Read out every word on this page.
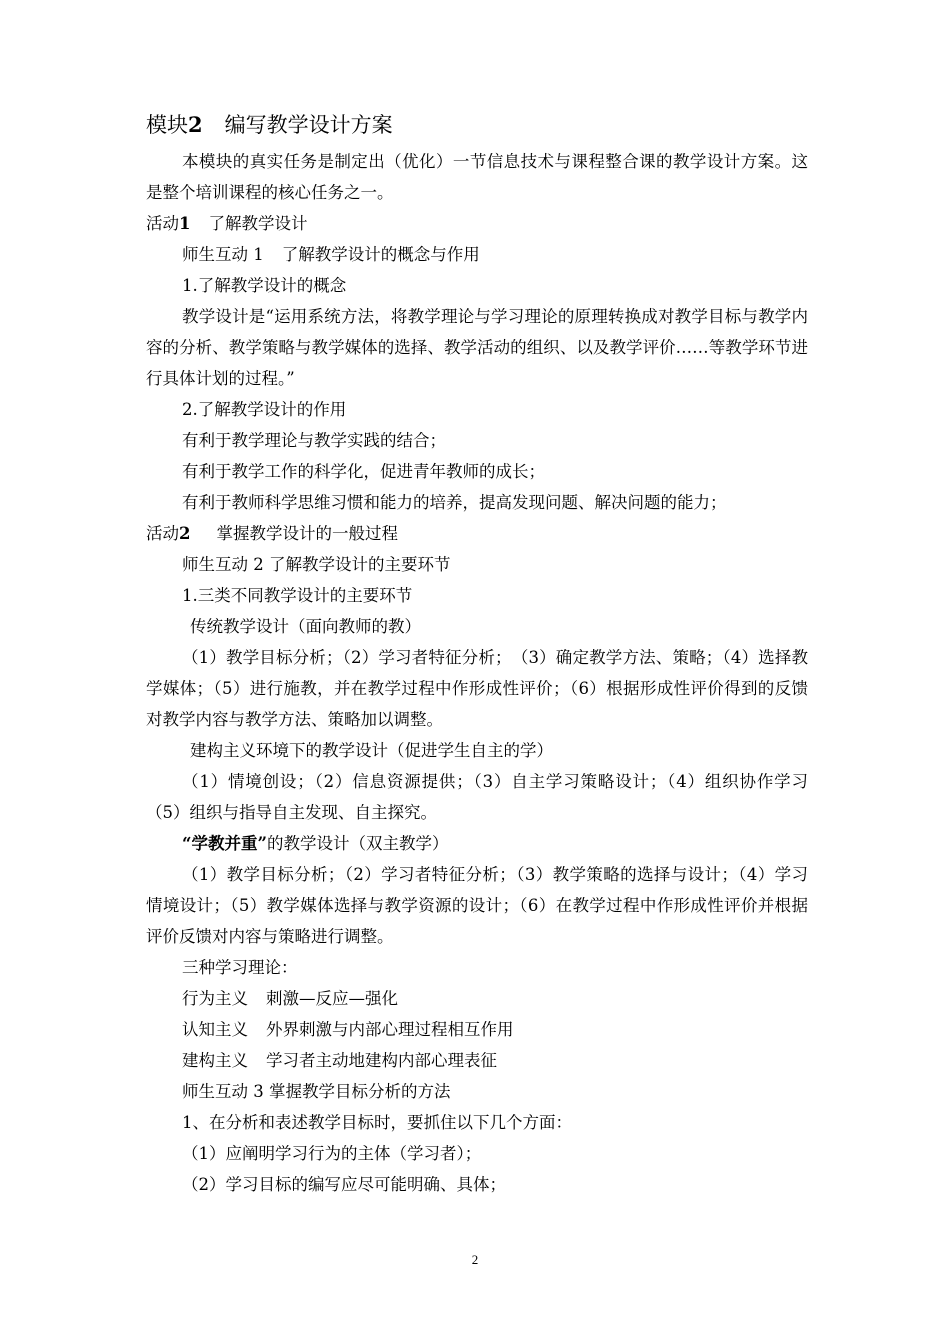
模块2 编写教学设计方案

本模块的真实任务是制定出（优化）一节信息技术与课程整合课的教学设计方案。这是整个培训课程的核心任务之一。

活动1 了解教学设计

师生互动 1 了解教学设计的概念与作用

1.了解教学设计的概念

教学设计是“运用系统方法，将教学理论与学习理论的原理转换成对教学目标与教学内容的分析、教学策略与教学媒体的选择、教学活动的组织、以及教学评价……等教学环节进行具体计划的过程。”

2.了解教学设计的作用

有利于教学理论与教学实践的结合；

有利于教学工作的科学化，促进青年教师的成长；

有利于教师科学思维习惯和能力的培养，提高发现问题、解决问题的能力；

活动2 掌握教学设计的一般过程

师生互动 2 了解教学设计的主要环节

1.三类不同教学设计的主要环节

传统教学设计（面向教师的教）

（1）教学目标分析；（2）学习者特征分析；　（3）确定教学方法、策略；（4）选择教学媒体；（5）进行施教，并在教学过程中作形成性评价；（6）根据形成性评价得到的反馈对教学内容与教学方法、策略加以调整。

建构主义环境下的教学设计（促进学生自主的学）

（1）情境创设；（2）信息资源提供；（3）自主学习策略设计；（4）组织协作学习（5）组织与指导自主发现、自主探究。

“学教并重”的教学设计（双主教学）

（1）教学目标分析；（2）学习者特征分析；（3）教学策略的选择与设计；（4）学习情境设计；（5）教学媒体选择与教学资源的设计；（6）在教学过程中作形成性评价并根据评价反馈对内容与策略进行调整。

三种学习理论：

行为主义 刺激—反应—强化

认知主义 外界刺激与内部心理过程相互作用

建构主义 学习者主动地建构内部心理表征

师生互动 3 掌握教学目标分析的方法

1、在分析和表述教学目标时，要抓住以下几个方面：

（1）应阐明学习行为的主体（学习者）；

（2）学习目标的编写应尽可能明确、具体；

2
